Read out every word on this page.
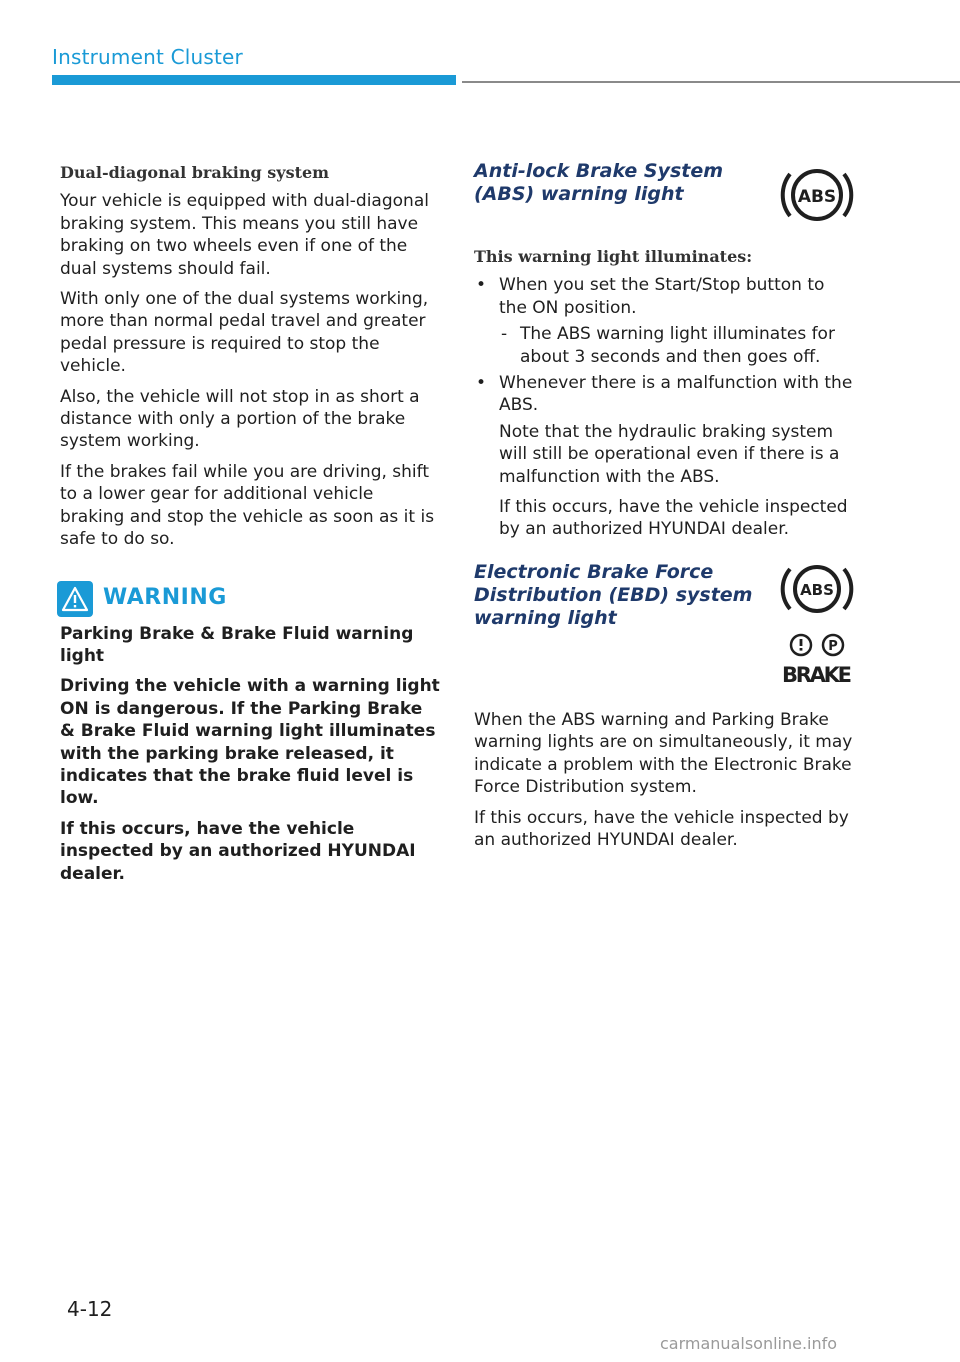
Instrument Cluster
Dual-diagonal braking system

Your vehicle is equipped with dual-diagonal braking system. This means you still have braking on two wheels even if one of the dual systems should fail.

With only one of the dual systems working, more than normal pedal travel and greater pedal pressure is required to stop the vehicle.

Also, the vehicle will not stop in as short a distance with only a portion of the brake system working.

If the brakes fail while you are driving, shift to a lower gear for additional vehicle braking and stop the vehicle as soon as it is safe to do so.

WARNING

Parking Brake & Brake Fluid warning light

Driving the vehicle with a warning light ON is dangerous. If the Parking Brake & Brake Fluid warning light illuminates with the parking brake released, it indicates that the brake fluid level is low.

If this occurs, have the vehicle inspected by an authorized HYUNDAI dealer.

Anti-lock Brake System (ABS) warning light	ABS
This warning light illuminates:
• When you set the Start/Stop button to the ON position.
- The ABS warning light illuminates for about 3 seconds and then goes off.
• Whenever there is a malfunction with the ABS.
Note that the hydraulic braking system will still be operational even if there is a malfunction with the ABS.
If this occurs, have the vehicle inspected by an authorized HYUNDAI dealer.
Electronic Brake Force Distribution (EBD) system warning light
ABS
P
BRAKE

When the ABS warning and Parking Brake warning lights are on simultaneously, it may indicate a problem with the Electronic Brake Force Distribution system.

If this occurs, have the vehicle inspected by an authorized HYUNDAI dealer.

4-12
carmanualsonline.info
